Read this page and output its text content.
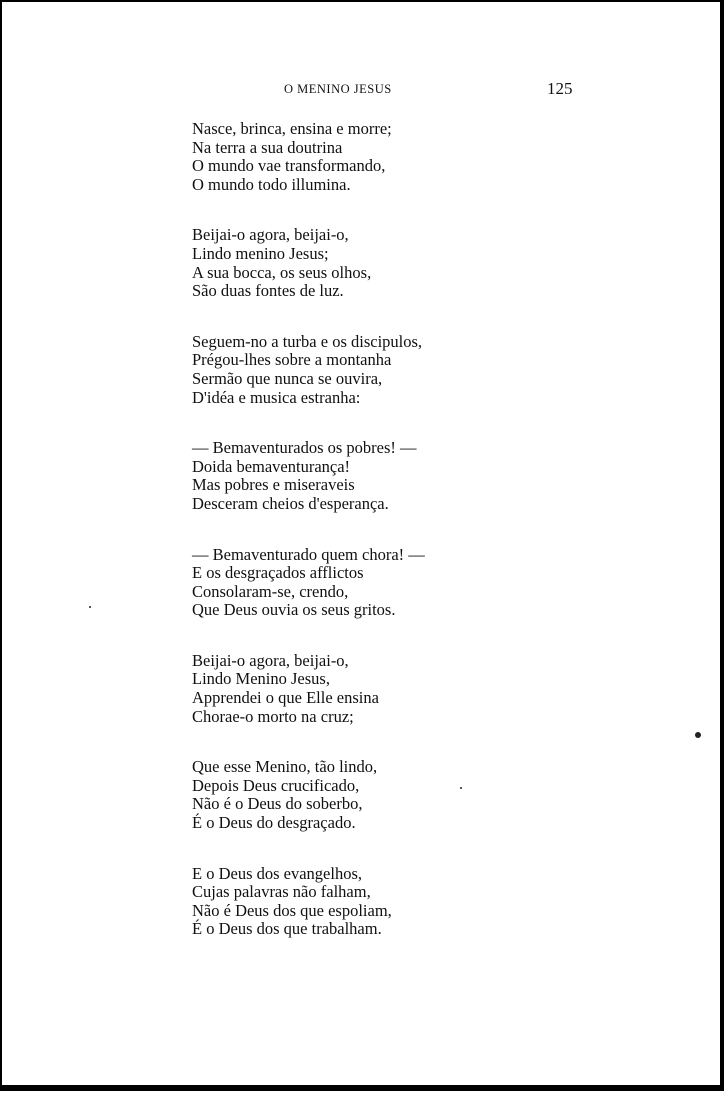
O MENINO JESUS	125
Nasce, brinca, ensina e morre;
Na terra a sua doutrina
O mundo vae transformando,
O mundo todo illumina.
Beijai-o agora, beijai-o,
Lindo menino Jesus;
A sua bocca, os seus olhos,
São duas fontes de luz.
Seguem-no a turba e os discipulos,
Prégou-lhes sobre a montanha
Sermão que nunca se ouvira,
D'idéa e musica estranha:
— Bemaventurados os pobres! —
Doida bemaventurança!
Mas pobres e miseraveis
Desceram cheios d'esperança.
— Bemaventurado quem chora! —
E os desgraçados afflictos
Consolaram-se, crendo,
Que Deus ouvia os seus gritos.
Beijai-o agora, beijai-o,
Lindo Menino Jesus,
Apprendei o que Elle ensina
Chorae-o morto na cruz;
Que esse Menino, tão lindo,
Depois Deus crucificado,
Não é o Deus do soberbo,
É o Deus do desgraçado.
E o Deus dos evangelhos,
Cujas palavras não falham,
Não é Deus dos que espoliam,
É o Deus dos que trabalham.
